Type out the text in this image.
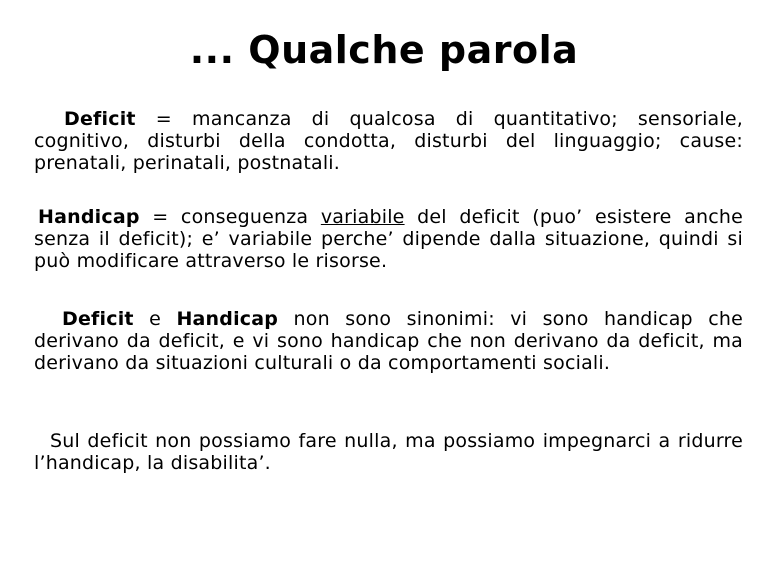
... Qualche parola

Deficit = mancanza di qualcosa di quantitativo; sensoriale, cognitivo, disturbi della condotta, disturbi del linguaggio; cause: prenatali, perinatali, postnatali.

Handicap = conseguenza variabile del deficit (puo’ esistere anche senza il deficit); e’ variabile perche’ dipende dalla situazione, quindi si può modificare attraverso le risorse.

Deficit e Handicap non sono sinonimi: vi sono handicap che derivano da deficit, e vi sono handicap che non derivano da deficit, ma derivano da situazioni culturali o da comportamenti sociali.

Sul deficit non possiamo fare nulla, ma possiamo impegnarci a ridurre l’handicap, la disabilita’.
